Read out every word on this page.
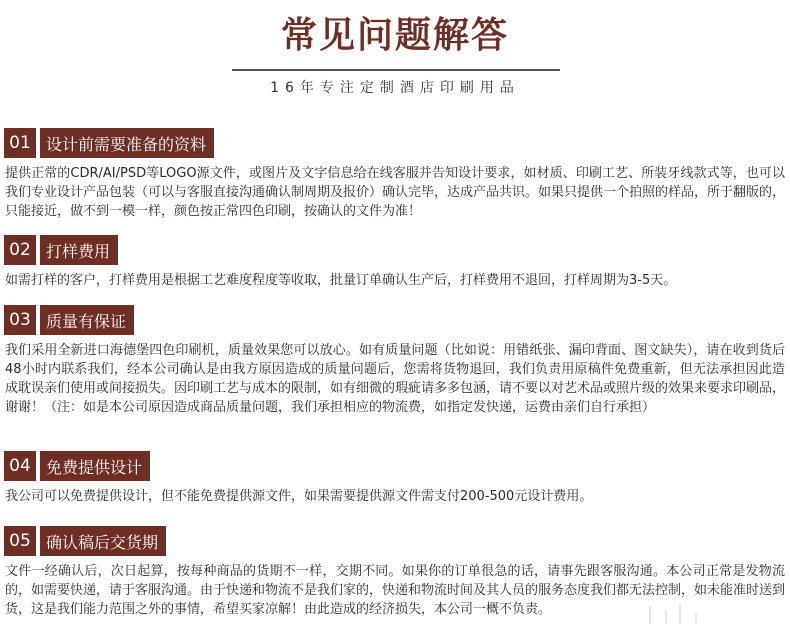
常见问题解答
16年专注定制酒店印刷用品
01 设计前需要准备的资料

提供正常的CDR/AI/PSD等LOGO源文件，或图片及文字信息给在线客服并告知设计要求，如材质、印刷工艺、所装牙线款式等，也可以我们专业设计产品包装（可以与客服直接沟通确认制周期及报价）确认完毕，达成产品共识。如果只提供一个拍照的样品，所于翻版的，只能接近，做不到一模一样，颜色按正常四色印刷，按确认的文件为准！

02 打样费用

如需打样的客户，打样费用是根据工艺难度程度等收取，批量订单确认生产后，打样费用不退回，打样周期为3-5天。

03 质量有保证

我们采用全新进口海德堡四色印刷机，质量效果您可以放心。如有质量问题（比如说：用错纸张、漏印背面、图文缺失），请在收到货后48小时内联系我们，经本公司确认是由我方原因造成的质量问题后，您需将货物退回，我们负责用原稿件免费重新，但无法承担因此造成耽误亲们使用或间接损失。因印刷工艺与成本的限制，如有细微的瑕疵请多多包涵，请不要以对艺术品或照片级的效果来要求印刷品，谢谢！（注：如是本公司原因造成商品质量问题，我们承担相应的物流费，如指定发快递，运费由亲们自行承担）

04 免费提供设计

我公司可以免费提供设计，但不能免费提供源文件，如果需要提供源文件需支付200-500元设计费用。

05 确认稿后交货期

文件一经确认后，次日起算，按每种商品的货期不一样，交期不同。如果你的订单很急的话，请事先跟客服沟通。本公司正常是发物流的，如需要快递，请于客服沟通。由于快递和物流不是我们家的，快递和物流时间及其人员的服务态度我们都无法控制，如未能准时送到货，这是我们能力范围之外的事情，希望买家凉解！由此造成的经济损失，本公司一概不负责。
